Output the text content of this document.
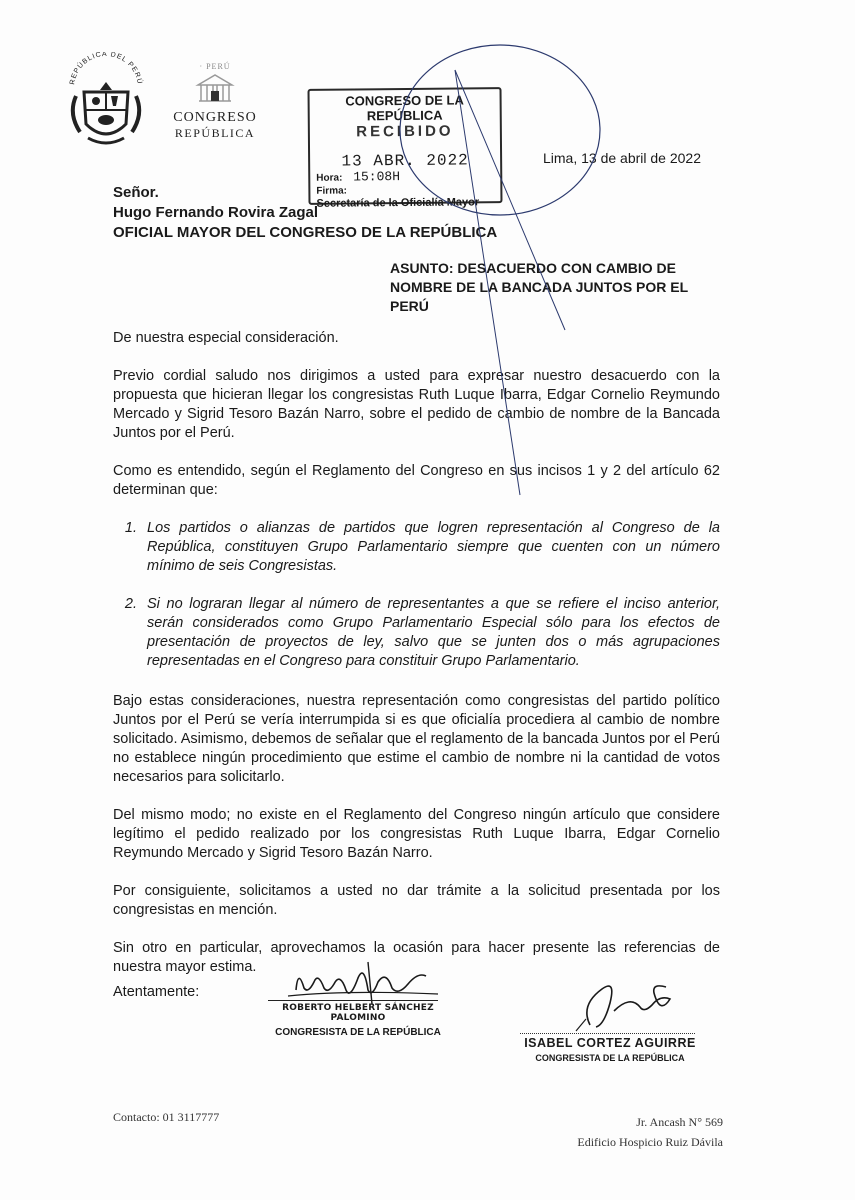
REPÚBLICA DEL PERÚ
· PERÚ
CONGRESO
REPÚBLICA
CONGRESO DE LA REPÚBLICA
RECIBIDO
13 ABR. 2022
Hora: 15:08H
Firma:
Secretaría de la Oficialía Mayor
Lima, 13 de abril de 2022
Señor.
Hugo Fernando Rovira Zagal
OFICIAL MAYOR DEL CONGRESO DE LA REPÚBLICA
ASUNTO: DESACUERDO CON CAMBIO DE NOMBRE DE LA BANCADA JUNTOS POR EL PERÚ

De nuestra especial consideración.

Previo cordial saludo nos dirigimos a usted para expresar nuestro desacuerdo con la propuesta que hicieran llegar los congresistas Ruth Luque Ibarra, Edgar Cornelio Reymundo Mercado y Sigrid Tesoro Bazán Narro, sobre el pedido de cambio de nombre de la Bancada Juntos por el Perú.

Como es entendido, según el Reglamento del Congreso en sus incisos 1 y 2 del artículo 62 determinan que:

1. Los partidos o alianzas de partidos que logren representación al Congreso de la República, constituyen Grupo Parlamentario siempre que cuenten con un número mínimo de seis Congresistas.
2. Si no lograran llegar al número de representantes a que se refiere el inciso anterior, serán considerados como Grupo Parlamentario Especial sólo para los efectos de presentación de proyectos de ley, salvo que se junten dos o más agrupaciones representadas en el Congreso para constituir Grupo Parlamentario.

Bajo estas consideraciones, nuestra representación como congresistas del partido político Juntos por el Perú se vería interrumpida si es que oficialía procediera al cambio de nombre solicitado. Asimismo, debemos de señalar que el reglamento de la bancada Juntos por el Perú no establece ningún procedimiento que estime el cambio de nombre ni la cantidad de votos necesarios para solicitarlo.

Del mismo modo; no existe en el Reglamento del Congreso ningún artículo que considere legítimo el pedido realizado por los congresistas Ruth Luque Ibarra, Edgar Cornelio Reymundo Mercado y Sigrid Tesoro Bazán Narro.

Por consiguiente, solicitamos a usted no dar trámite a la solicitud presentada por los congresistas en mención.

Sin otro en particular, aprovechamos la ocasión para hacer presente las referencias de nuestra mayor estima.

Atentamente:
ROBERTO HELBERT SÁNCHEZ PALOMINO
CONGRESISTA DE LA REPÚBLICA
ISABEL CORTEZ AGUIRRE
CONGRESISTA DE LA REPÚBLICA
Contacto: 01 3117777	Jr. Ancash N° 569
Edificio Hospicio Ruiz Dávila
